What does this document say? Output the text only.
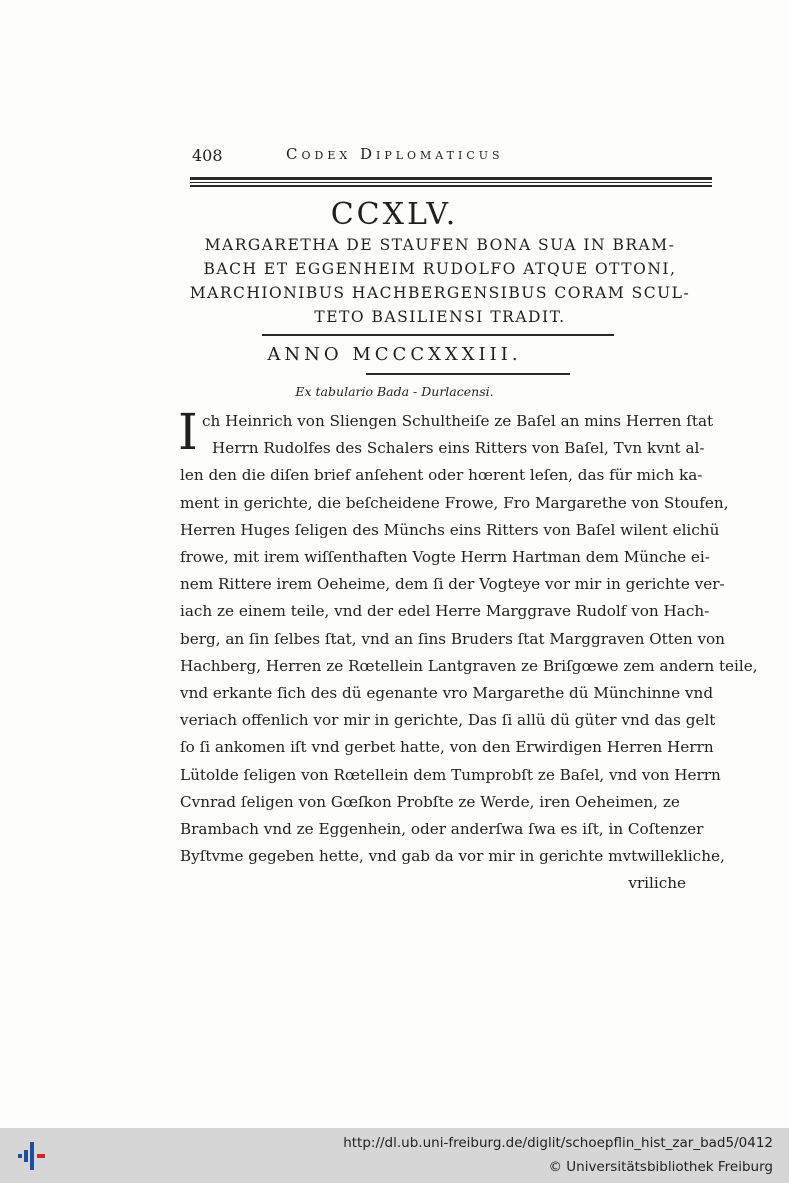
408	Codex Diplomaticus
CCXLV.
MARGARETHA DE STAUFEN BONA SUA IN BRAM-
BACH ET EGGENHEIM RUDOLFO ATQUE OTTONI,
MARCHIONIBUS HACHBERGENSIBUS CORAM SCUL-
TETO BASILIENSI TRADIT.
ANNO MCCCXXXIII.
Ex tabulario Bada - Durlacensi.
I ch Heinrich von Sliengen Schultheiſe ze Baſel an mins Herren ſtat
Herrn Rudolfes des Schalers eins Ritters von Baſel, Tvn kvnt al-
len den die diſen brief anſehent oder hœrent leſen, das für mich ka-
ment in gerichte, die beſcheidene Frowe, Fro Margarethe von Stoufen,
Herren Huges ſeligen des Münchs eins Ritters von Baſel wilent elichü
frowe, mit irem wiſſenthaften Vogte Herrn Hartman dem Münche ei-
nem Rittere irem Oeheime, dem ſi der Vogteye vor mir in gerichte ver-
iach ze einem teile, vnd der edel Herre Marggrave Rudolf von Hach-
berg, an ſin ſelbes ſtat, vnd an ſins Bruders ſtat Marggraven Otten von
Hachberg, Herren ze Rœtellein Lantgraven ze Briſgœwe zem andern teile,
vnd erkante ſich des dü egenante vro Margarethe dü Münchinne vnd
veriach offenlich vor mir in gerichte, Das ſi allü dü güter vnd das gelt
ſo ſi ankomen iſt vnd gerbet hatte, von den Erwirdigen Herren Herrn
Lütolde ſeligen von Rœtellein dem Tumprobſt ze Baſel, vnd von Herrn
Cvnrad ſeligen von Gœſkon Probſte ze Werde, iren Oeheimen, ze
Brambach vnd ze Eggenhein, oder anderſwa ſwa es iſt, in Coſtenzer
Byſtvme gegeben hette, vnd gab da vor mir in gerichte mvtwillekliche,
vriliche
http://dl.ub.uni-freiburg.de/diglit/schoepflin_hist_zar_bad5/0412
© Universitätsbibliothek Freiburg
